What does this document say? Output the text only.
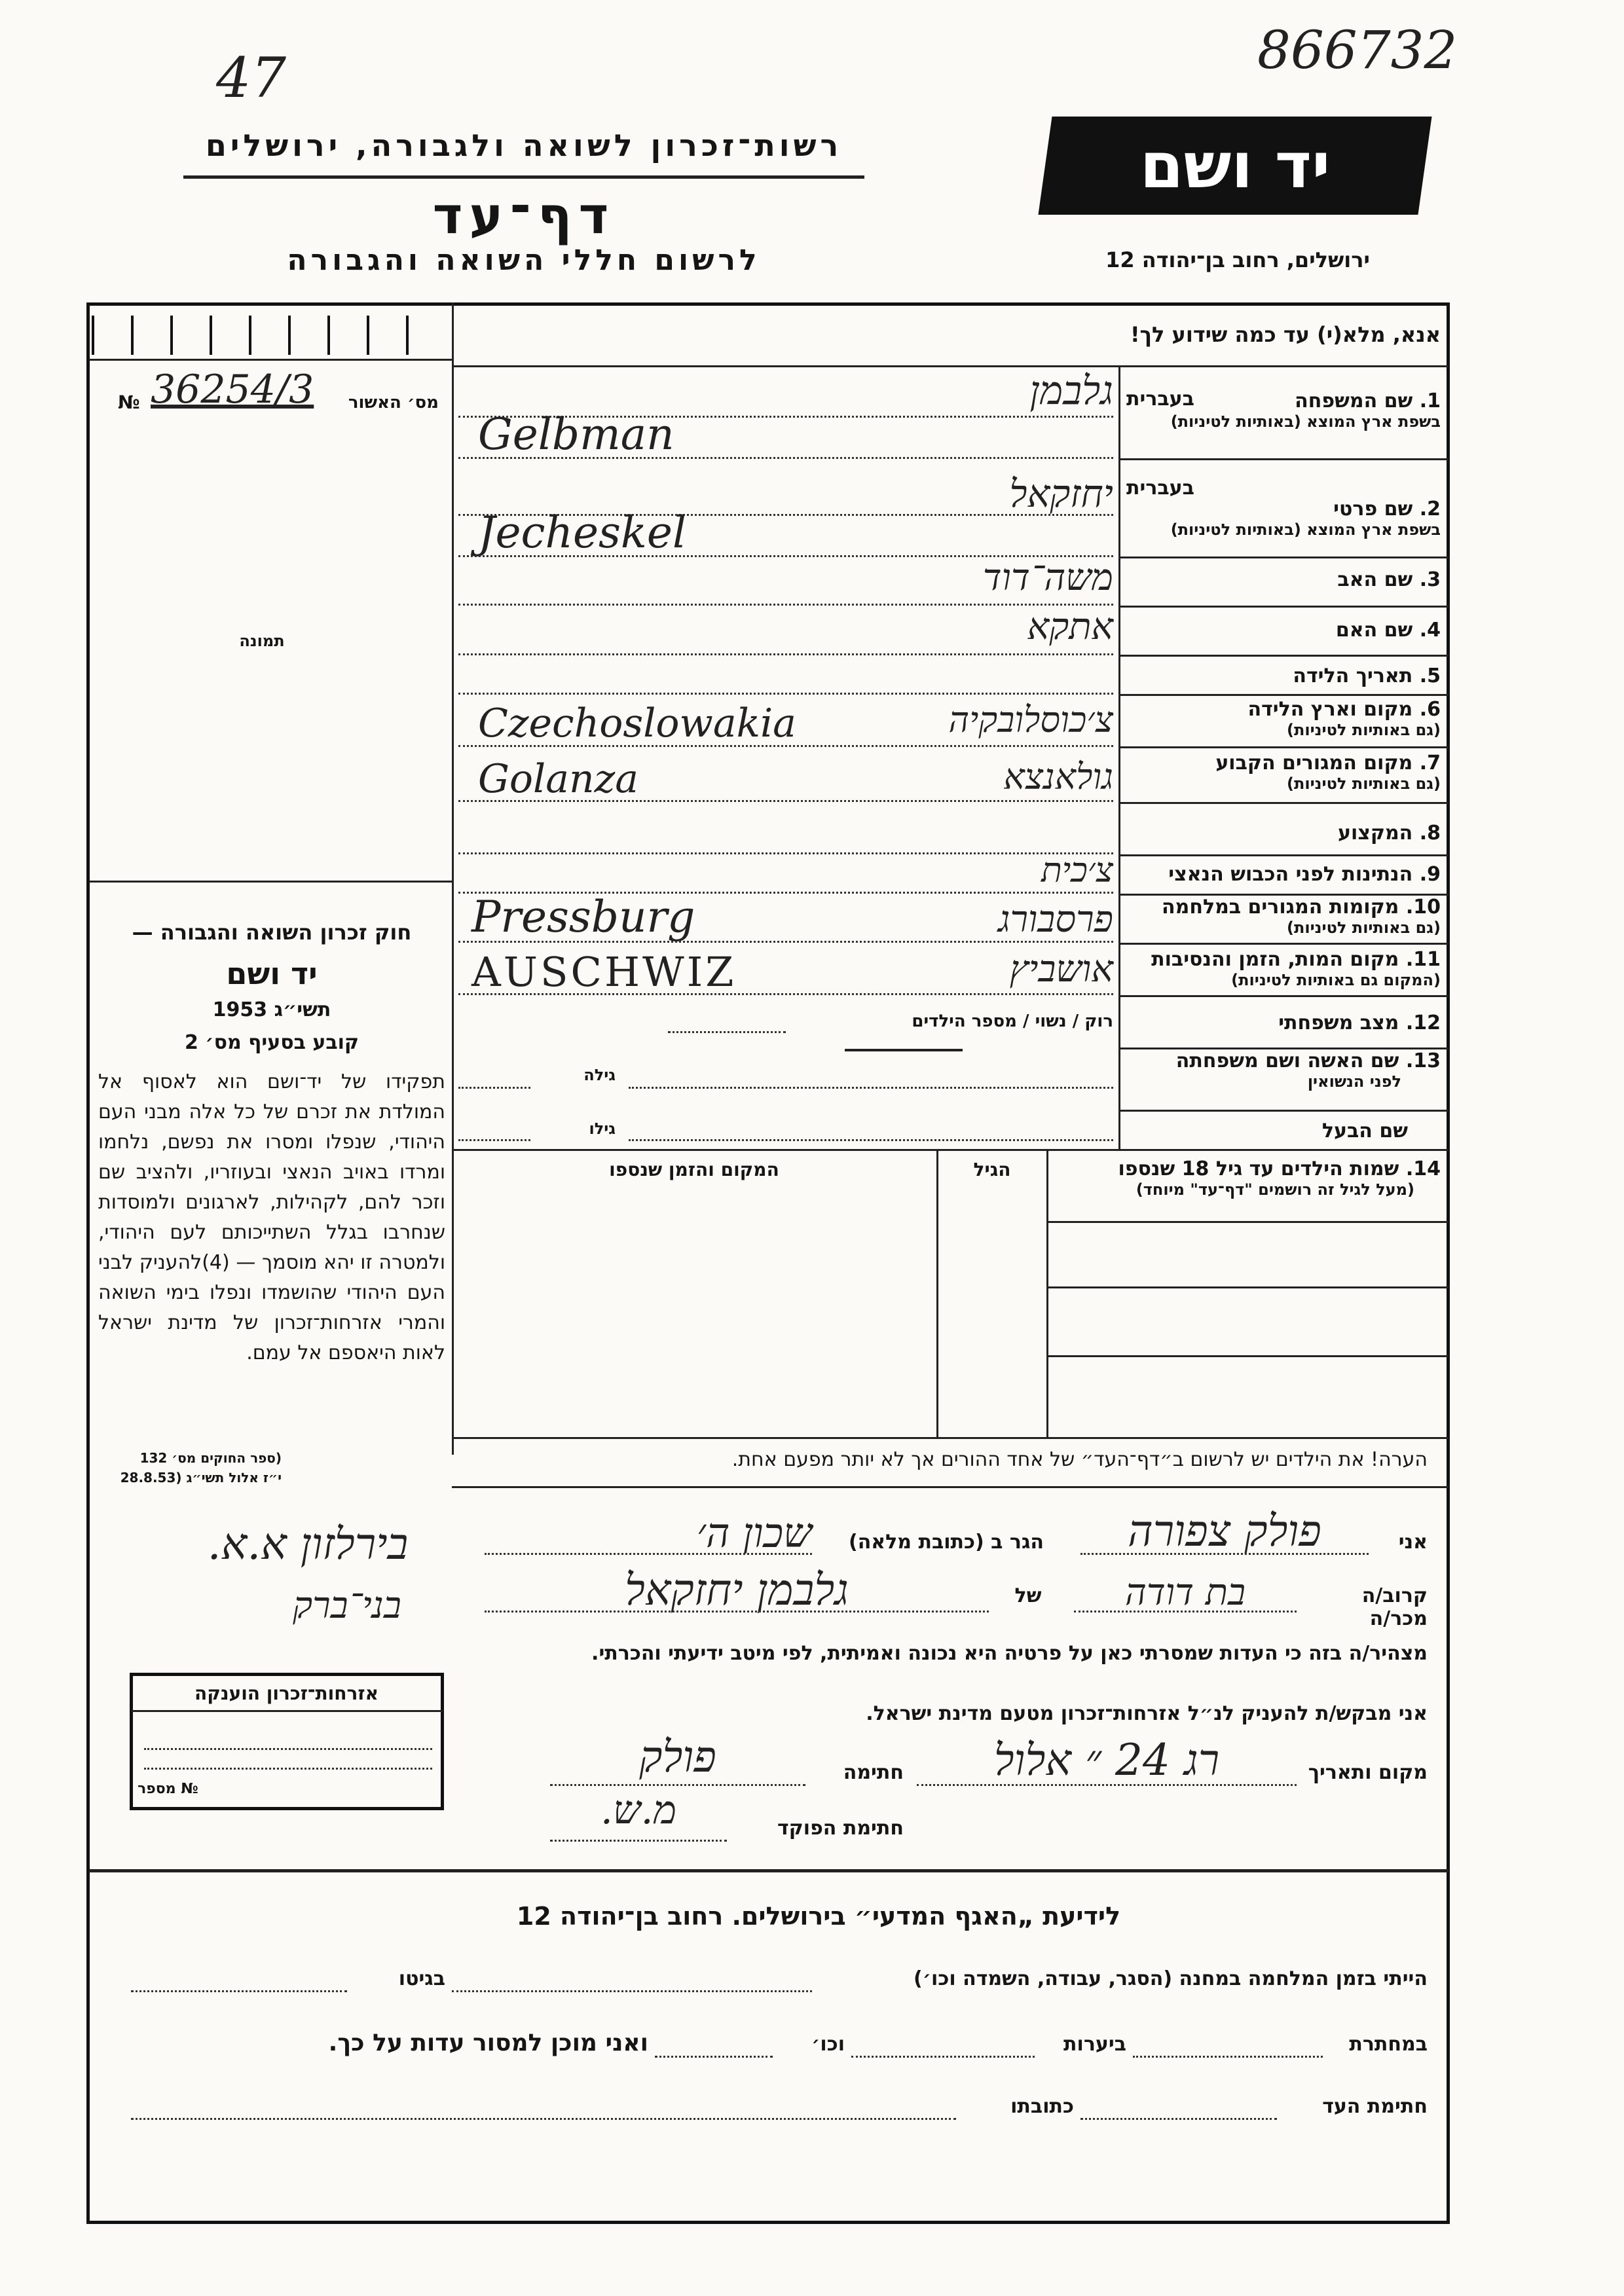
47	866732
רשות־זכרון לשואה ולגבורה, ירושלים
דף־עד
לרשום חללי השואה והגבורה
יד ושם
ירושלים, רחוב בן־יהודה 12
אנא, מלא(י) עד כמה שידוע לך!
№ 36254/3	מס׳ האשור
תמונה
חוק זכרון השואה והגבורה —
יד ושם
תשי״ג 1953
קובע בסעיף מס׳ 2
תפקידו של יד־ושם הוא לאסוף אל המולדת את זכרם של כל אלה מבני העם היהודי, שנפלו ומסרו את נפשם, נלחמו ומרדו באויב הנאצי ובעוזריו, ולהציב שם וזכר להם, לקהילות, לארגונים ולמוסדות שנחרבו בגלל השתייכותם לעם היהודי, ולמטרה זו יהא מוסמך — (4)להעניק לבני העם היהודי שהושמדו ונפלו בימי השואה והמרי אזרחות־זכרון של מדינת ישראל לאות היאספם אל עמם.
(ספר החוקים מס׳ 132
י״ז אלול תשי״ג (28.8.53
בירלזון א.א.
בני־ברק
אזרחות־זכרון הוענקה
№ מספר
1. שם המשפחה
בשפת ארץ המוצא (באותיות לטיניות)
בעברית
גלבמן
Gelbman
2. שם פרטי
בשפת ארץ המוצא (באותיות לטיניות)
בעברית
יחזקאל
Jecheskel
3. שם האב
משה־דוד
4. שם האם
אתקא
5. תאריך הלידה
6. מקום וארץ הלידה
(גם באותיות לטיניות)
צ׳כוסלובקיה
Czechoslowakia
7. מקום המגורים הקבוע
(גם באותיות לטיניות)
גולאנצא
Golanza
8. המקצוע
9. הנתינות לפני הכבוש הנאצי
צ׳כית
10. מקומות המגורים במלחמה
(גם באותיות לטיניות)
פרסבורג
Pressburg
11. מקום המות, הזמן והנסיבות
(המקום גם באותיות לטיניות)
אושביץ
AUSCHWIZ
12. מצב משפחתי
רוק / נשוי / מספר הילדים
13. שם האשה ושם משפחתה
לפני הנשואין
גילה
שם הבעל
גילו
14. שמות הילדים עד גיל 18 שנספו
(מעל לגיל זה רושמים "דף־עד" מיוחד)
הגיל
המקום והזמן שנספו
הערה! את הילדים יש לרשום ב״דף־העד״ של אחד ההורים אך לא יותר מפעם אחת.
אני
פולק צפורה
הגר ב (כתובת מלאה)
שכון ה׳
קרוב/ה מכר/ה
בת דודה
של
גלבמן יחזקאל
מצהיר/ה בזה כי העדות שמסרתי כאן על פרטיה היא נכונה ואמיתית, לפי מיטב ידיעתי והכרתי.
אני מבקש/ת להעניק לנ״ל אזרחות־זכרון מטעם מדינת ישראל.
מקום ותאריך
רג 24 ״ אלול
חתימה
פולק
חתימת הפוקד
מ.ש.
לידיעת „האגף המדעי״ בירושלים. רחוב בן־יהודה 12
הייתי בזמן המלחמה במחנה (הסגר, עבודה, השמדה וכו׳)
בגיטו
במחתרת
ביערות
וכו׳
ואני מוכן למסור עדות על כך.
חתימת העד
כתובתו
